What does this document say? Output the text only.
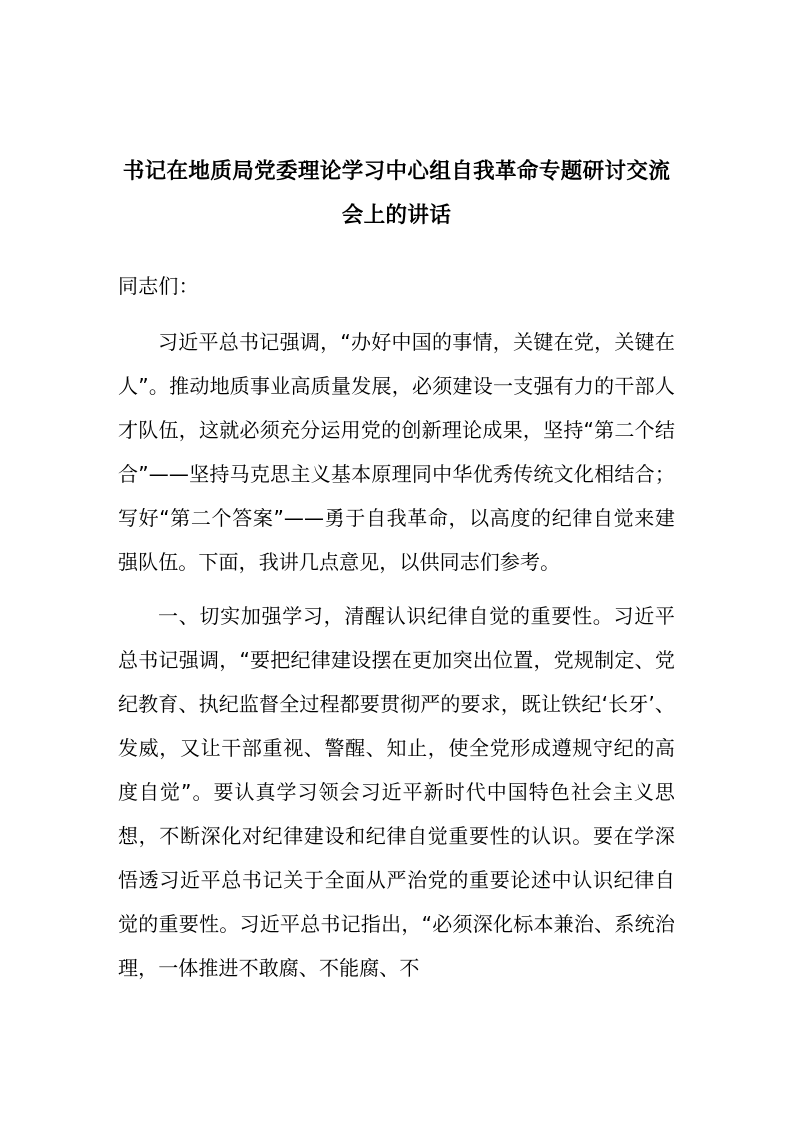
书记在地质局党委理论学习中心组自我革命专题研讨交流会上的讲话

同志们：

习近平总书记强调，“办好中国的事情，关键在党，关键在人”。推动地质事业高质量发展，必须建设一支强有力的干部人才队伍，这就必须充分运用党的创新理论成果，坚持“第二个结合”——坚持马克思主义基本原理同中华优秀传统文化相结合；写好“第二个答案”——勇于自我革命，以高度的纪律自觉来建强队伍。下面，我讲几点意见，以供同志们参考。

一、切实加强学习，清醒认识纪律自觉的重要性。习近平总书记强调，“要把纪律建设摆在更加突出位置，党规制定、党纪教育、执纪监督全过程都要贯彻严的要求，既让铁纪‘长牙’、发威，又让干部重视、警醒、知止，使全党形成遵规守纪的高度自觉”。要认真学习领会习近平新时代中国特色社会主义思想，不断深化对纪律建设和纪律自觉重要性的认识。要在学深悟透习近平总书记关于全面从严治党的重要论述中认识纪律自觉的重要性。习近平总书记指出，“必须深化标本兼治、系统治理，一体推进不敢腐、不能腐、不
